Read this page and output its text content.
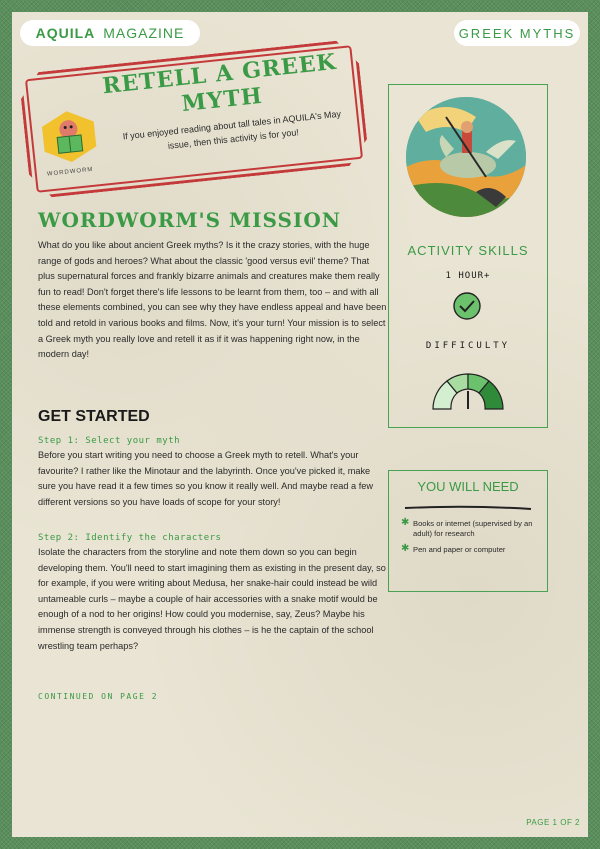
AQUILA MAGAZINE	GREEK MYTHS
WORDWORM
RETELL A GREEK MYTH
If you enjoyed reading about tall tales in AQUILA's May issue, then this activity is for you!
WORDWORM'S MISSION

What do you like about ancient Greek myths? Is it the crazy stories, with the huge range of gods and heroes? What about the classic 'good versus evil' theme? That plus supernatural forces and frankly bizarre animals and creatures make them really fun to read! Don't forget there's life lessons to be learnt from them, too – and with all these elements combined, you can see why they have endless appeal and have been told and retold in various books and films. Now, it's your turn! Your mission is to select a Greek myth you really love and retell it as if it was happening right now, in the modern day!

GET STARTED
Step 1: Select your myth

Before you start writing you need to choose a Greek myth to retell. What's your favourite? I rather like the Minotaur and the labyrinth. Once you've picked it, make sure you have read it a few times so you know it really well. And maybe read a few different versions so you have loads of scope for your story!

Step 2: Identify the characters

Isolate the characters from the storyline and note them down so you can begin developing them. You'll need to start imagining them as existing in the present day, so for example, if you were writing about Medusa, her snake-hair could instead be wild untameable curls – maybe a couple of hair accessories with a snake motif would be enough of a nod to her origins! How could you modernise, say, Zeus? Maybe his immense strength is conveyed through his clothes – is he the captain of the school wrestling team perhaps?

CONTINUED ON PAGE 2
ACTIVITY SKILLS
1 HOUR+
DIFFICULTY
YOU WILL NEED
✱ Books or internet (supervised by an adult) for research
✱ Pen and paper or computer
PAGE 1 OF 2
